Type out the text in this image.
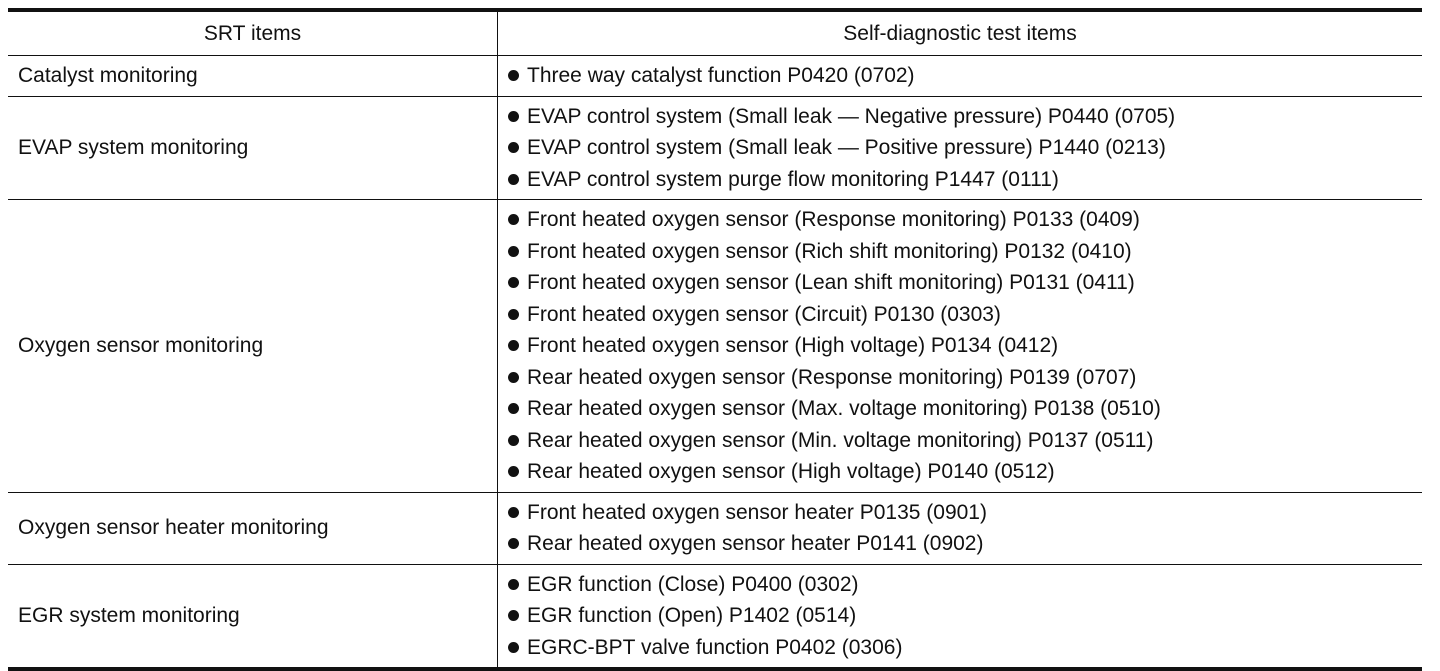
SRT items	Self-diagnostic test items
Catalyst monitoring	Three way catalyst function P0420 (0702)
EVAP system monitoring
EVAP control system (Small leak — Negative pressure) P0440 (0705)
EVAP control system (Small leak — Positive pressure) P1440 (0213)
EVAP control system purge flow monitoring P1447 (0111)
Oxygen sensor monitoring
Front heated oxygen sensor (Response monitoring) P0133 (0409)
Front heated oxygen sensor (Rich shift monitoring) P0132 (0410)
Front heated oxygen sensor (Lean shift monitoring) P0131 (0411)
Front heated oxygen sensor (Circuit) P0130 (0303)
Front heated oxygen sensor (High voltage) P0134 (0412)
Rear heated oxygen sensor (Response monitoring) P0139 (0707)
Rear heated oxygen sensor (Max. voltage monitoring) P0138 (0510)
Rear heated oxygen sensor (Min. voltage monitoring) P0137 (0511)
Rear heated oxygen sensor (High voltage) P0140 (0512)
Oxygen sensor heater monitoring
Front heated oxygen sensor heater P0135 (0901)
Rear heated oxygen sensor heater P0141 (0902)
EGR system monitoring
EGR function (Close) P0400 (0302)
EGR function (Open) P1402 (0514)
EGRC-BPT valve function P0402 (0306)
